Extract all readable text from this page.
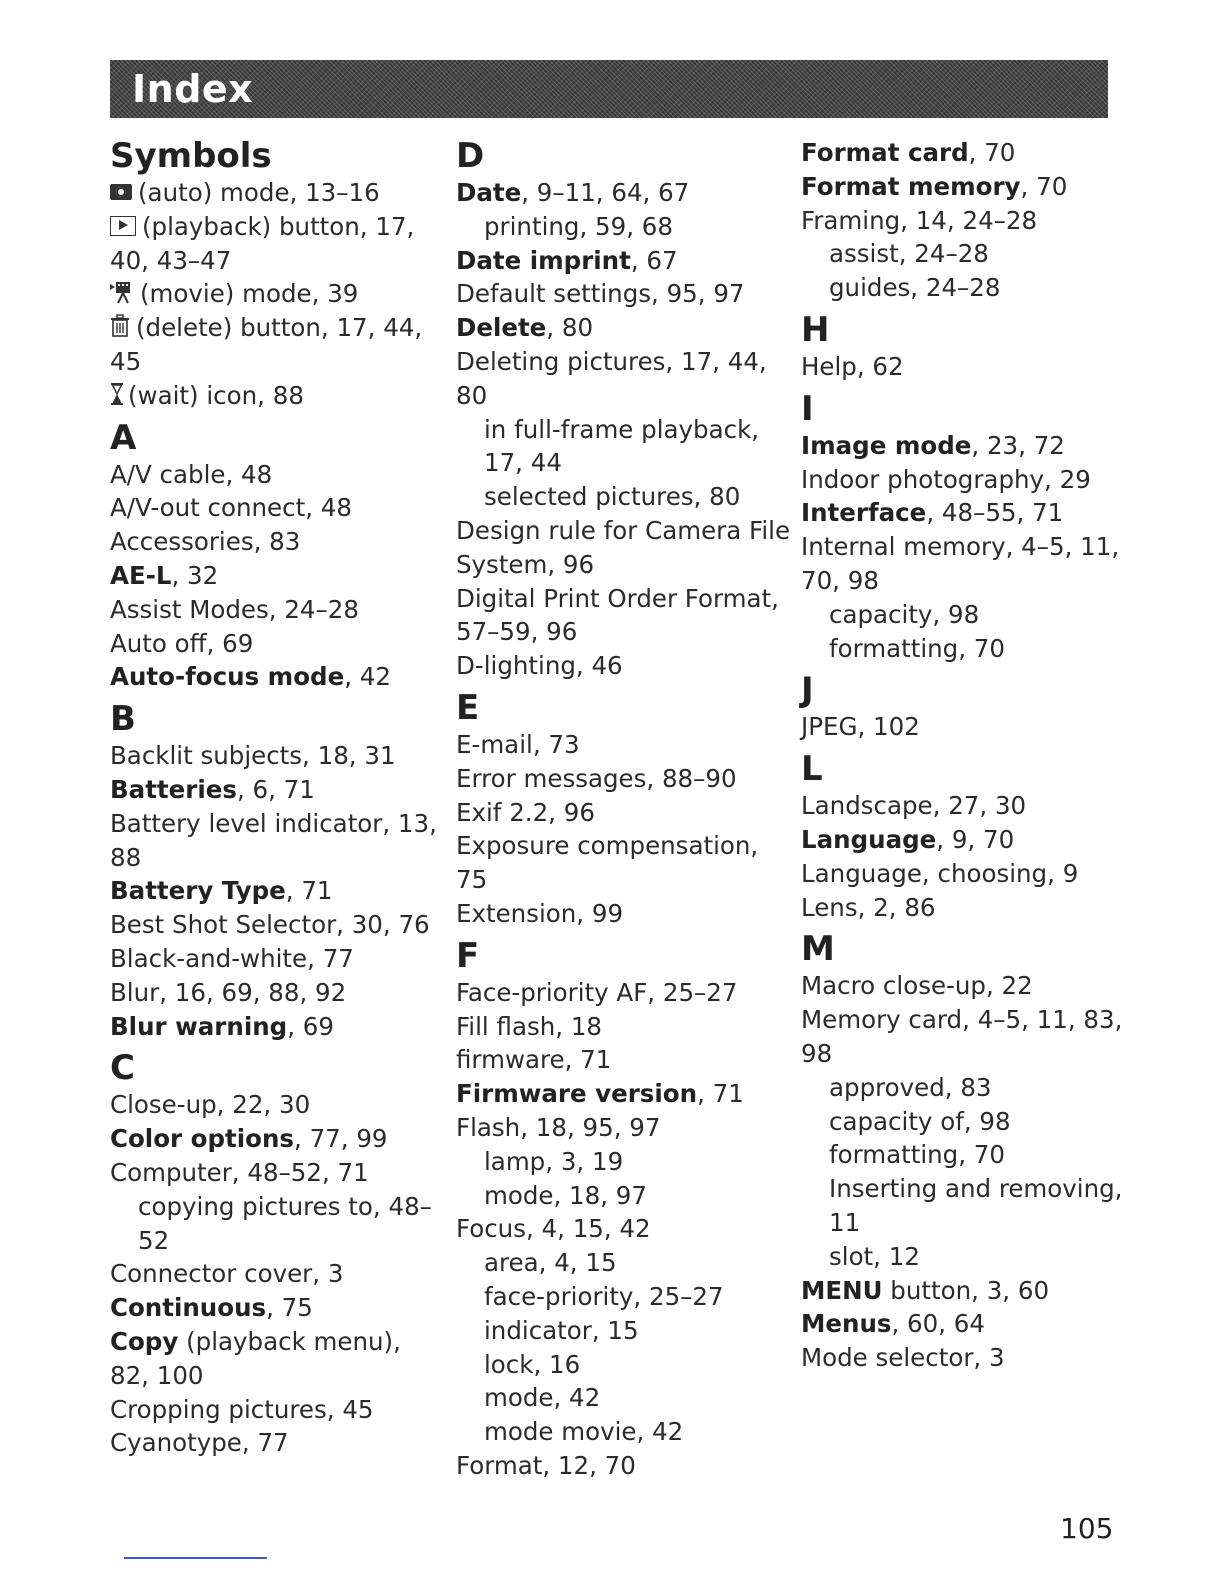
Index
Symbols
(auto) mode, 13–16
(playback) button, 17,
40, 43–47
(movie) mode, 39
(delete) button, 17, 44,
45
(wait) icon, 88
A
A/V cable, 48
A/V-out connect, 48
Accessories, 83
AE-L, 32
Assist Modes, 24–28
Auto off, 69
Auto-focus mode, 42
B
Backlit subjects, 18, 31
Batteries, 6, 71
Battery level indicator, 13,
88
Battery Type, 71
Best Shot Selector, 30, 76
Black-and-white, 77
Blur, 16, 69, 88, 92
Blur warning, 69
C
Close-up, 22, 30
Color options, 77, 99
Computer, 48–52, 71
copying pictures to, 48–
52
Connector cover, 3
Continuous, 75
Copy (playback menu),
82, 100
Cropping pictures, 45
Cyanotype, 77
D
Date, 9–11, 64, 67
printing, 59, 68
Date imprint, 67
Default settings, 95, 97
Delete, 80
Deleting pictures, 17, 44,
80
in full-frame playback,
17, 44
selected pictures, 80
Design rule for Camera File
System, 96
Digital Print Order Format,
57–59, 96
D-lighting, 46
E
E-mail, 73
Error messages, 88–90
Exif 2.2, 96
Exposure compensation,
75
Extension, 99
F
Face-priority AF, 25–27
Fill flash, 18
firmware, 71
Firmware version, 71
Flash, 18, 95, 97
lamp, 3, 19
mode, 18, 97
Focus, 4, 15, 42
area, 4, 15
face-priority, 25–27
indicator, 15
lock, 16
mode, 42
mode movie, 42
Format, 12, 70
Format card, 70
Format memory, 70
Framing, 14, 24–28
assist, 24–28
guides, 24–28
H
Help, 62
I
Image mode, 23, 72
Indoor photography, 29
Interface, 48–55, 71
Internal memory, 4–5, 11,
70, 98
capacity, 98
formatting, 70
J
JPEG, 102
L
Landscape, 27, 30
Language, 9, 70
Language, choosing, 9
Lens, 2, 86
M
Macro close-up, 22
Memory card, 4–5, 11, 83,
98
approved, 83
capacity of, 98
formatting, 70
Inserting and removing,
11
slot, 12
MENU button, 3, 60
Menus, 60, 64
Mode selector, 3
105
